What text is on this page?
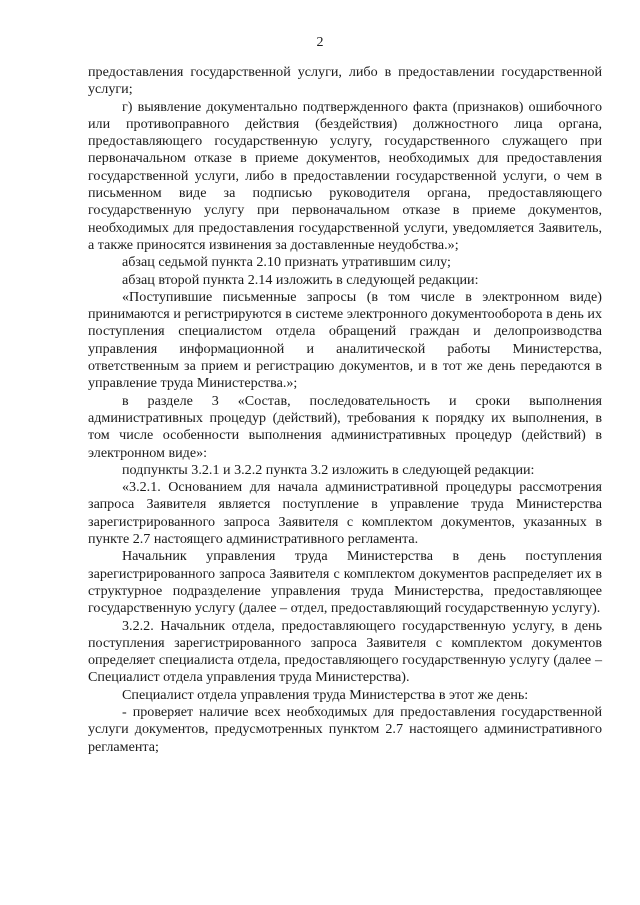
2

предоставления государственной услуги, либо в предоставлении государственной услуги;

г) выявление документально подтвержденного факта (признаков) ошибочного или противоправного действия (бездействия) должностного лица органа, предоставляющего государственную услугу, государственного служащего при первоначальном отказе в приеме документов, необходимых для предоставления государственной услуги, либо в предоставлении государственной услуги, о чем в письменном виде за подписью руководителя органа, предоставляющего государственную услугу при первоначальном отказе в приеме документов, необходимых для предоставления государственной услуги, уведомляется Заявитель, а также приносятся извинения за доставленные неудобства.»;

абзац седьмой пункта 2.10 признать утратившим силу;

абзац второй пункта 2.14 изложить в следующей редакции:

«Поступившие письменные запросы (в том числе в электронном виде) принимаются и регистрируются в системе электронного документооборота в день их поступления специалистом отдела обращений граждан и делопроизводства управления информационной и аналитической работы Министерства, ответственным за прием и регистрацию документов, и в тот же день передаются в управление труда Министерства.»;

в разделе 3 «Состав, последовательность и сроки выполнения административных процедур (действий), требования к порядку их выполнения, в том числе особенности выполнения административных процедур (действий) в электронном виде»:

подпункты 3.2.1 и 3.2.2 пункта 3.2 изложить в следующей редакции:

«3.2.1. Основанием для начала административной процедуры рассмотрения запроса Заявителя является поступление в управление труда Министерства зарегистрированного запроса Заявителя с комплектом документов, указанных в пункте 2.7 настоящего административного регламента.

Начальник управления труда Министерства в день поступления зарегистрированного запроса Заявителя с комплектом документов распределяет их в структурное подразделение управления труда Министерства, предоставляющее государственную услугу (далее – отдел, предоставляющий государственную услугу).

3.2.2. Начальник отдела, предоставляющего государственную услугу, в день поступления зарегистрированного запроса Заявителя с комплектом документов определяет специалиста отдела, предоставляющего государственную услугу (далее – Специалист отдела управления труда Министерства).

Специалист отдела управления труда Министерства в этот же день:

- проверяет наличие всех необходимых для предоставления государственной услуги документов, предусмотренных пунктом 2.7 настоящего административного регламента;
